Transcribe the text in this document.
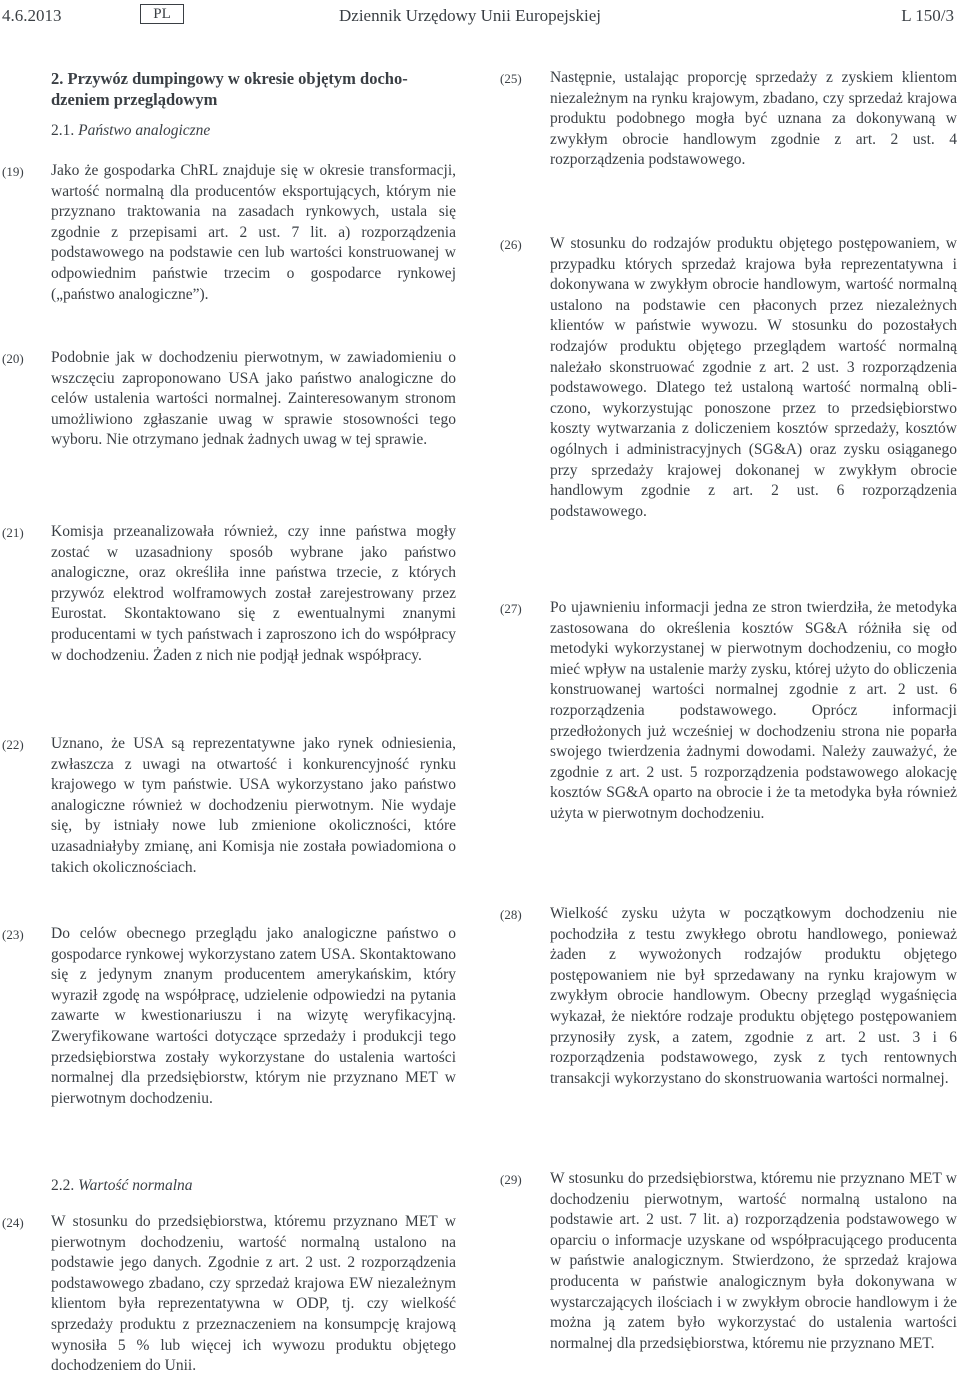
4.6.2013	PL	Dziennik Urzędowy Unii Europejskiej	L 150/3
2. Przywóz dumpingowy w okresie objętym dochodzeniem przeglądowym
2.1. Państwo analogiczne
(19)	Jako że gospodarka ChRL znajduje się w okresie transformacji, wartość normalną dla producentów eksportujących, którym nie przyznano traktowania na zasadach rynkowych, ustala się zgodnie z przepisami art. 2 ust. 7 lit. a) rozporządzenia podstawowego na podstawie cen lub wartości konstruowanej w odpowiednim państwie trzecim o gospodarce rynkowej („państwo analogiczne”).

(20)	Podobnie jak w dochodzeniu pierwotnym, w zawiadomieniu o wszczęciu zaproponowano USA jako państwo analogiczne do celów ustalenia wartości normalnej. Zainteresowanym stronom umożliwiono zgłaszanie uwag w sprawie stosowności tego wyboru. Nie otrzymano jednak żadnych uwag w tej sprawie.

(21)	Komisja przeanalizowała również, czy inne państwa mogły zostać w uzasadniony sposób wybrane jako państwo analogiczne, oraz określiła inne państwa trzecie, z których przywóz elektrod wolframowych został zarejestrowany przez Eurostat. Skontaktowano się z ewentualnymi znanymi producentami w tych państwach i zaproszono ich do współpracy w dochodzeniu. Żaden z nich nie podjął jednak współpracy.

(22)	Uznano, że USA są reprezentatywne jako rynek odniesienia, zwłaszcza z uwagi na otwartość i konkurencyjność rynku krajowego w tym państwie. USA wykorzystano jako państwo analogiczne również w dochodzeniu pierwotnym. Nie wydaje się, by istniały nowe lub zmienione okoliczności, które uzasadniałyby zmianę, ani Komisja nie została powiadomiona o takich okolicznościach.

(23)	Do celów obecnego przeglądu jako analogiczne państwo o gospodarce rynkowej wykorzystano zatem USA. Skontaktowano się z jedynym znanym producentem amerykańskim, który wyraził zgodę na współpracę, udzielenie odpowiedzi na pytania zawarte w kwestionariuszu i na wizytę weryfikacyjną. Zweryfikowane wartości dotyczące sprzedaży i produkcji tego przedsiębiorstwa zostały wykorzystane do ustalenia wartości normalnej dla przedsiębiorstw, którym nie przyznano MET w pierwotnym dochodzeniu.

2.2. Wartość normalna
(24)	W stosunku do przedsiębiorstwa, któremu przyznano MET w pierwotnym dochodzeniu, wartość normalną ustalono na podstawie jego danych. Zgodnie z art. 2 ust. 2 rozporządzenia podstawowego zbadano, czy sprzedaż krajowa EW niezależnym klientom była reprezentatywna w ODP, tj. czy wielkość sprzedaży produktu z przeznaczeniem na konsumpcję krajową wynosiła 5 % lub więcej ich wywozu produktu objętego dochodzeniem do Unii.

(25)	Następnie, ustalając proporcję sprzedaży z zyskiem klientom niezależnym na rynku krajowym, zbadano, czy sprzedaż krajowa produktu podobnego mogła być uznana za dokonywaną w zwykłym obrocie handlowym zgodnie z art. 2 ust. 4 rozporządzenia podstawowego.

(26)	W stosunku do rodzajów produktu objętego postępowaniem, w przypadku których sprzedaż krajowa była reprezentatywna i dokonywana w zwykłym obrocie handlowym, wartość normalną ustalono na podstawie cen płaconych przez niezależnych klientów w państwie wywozu. W stosunku do pozostałych rodzajów produktu objętego przeglądem wartość normalną należało skonstruować zgodnie z art. 2 ust. 3 rozporządzenia podstawowego. Dlatego też ustaloną wartość normalną obliczono, wykorzystując ponoszone przez to przedsiębiorstwo koszty wytwarzania z doliczeniem kosztów sprzedaży, kosztów ogólnych i administracyjnych (SG&A) oraz zysku osiąganego przy sprzedaży krajowej dokonanej w zwykłym obrocie handlowym zgodnie z art. 2 ust. 6 rozporządzenia podstawowego.

(27)	Po ujawnieniu informacji jedna ze stron twierdziła, że metodyka zastosowana do określenia kosztów SG&A różniła się od metodyki wykorzystanej w pierwotnym dochodzeniu, co mogło mieć wpływ na ustalenie marży zysku, której użyto do obliczenia konstruowanej wartości normalnej zgodnie z art. 2 ust. 6 rozporządzenia podstawowego. Oprócz informacji przedłożonych już wcześniej w dochodzeniu strona nie poparła swojego twierdzenia żadnymi dowodami. Należy zauważyć, że zgodnie z art. 2 ust. 5 rozporządzenia podstawowego alokację kosztów SG&A oparto na obrocie i że ta metodyka była również użyta w pierwotnym dochodzeniu.

(28)	Wielkość zysku użyta w początkowym dochodzeniu nie pochodziła z testu zwykłego obrotu handlowego, ponieważ żaden z wywożonych rodzajów produktu objętego postępowaniem nie był sprzedawany na rynku krajowym w zwykłym obrocie handlowym. Obecny przegląd wygaśnięcia wykazał, że niektóre rodzaje produktu objętego postępowaniem przynosiły zysk, a zatem, zgodnie z art. 2 ust. 3 i 6 rozporządzenia podstawowego, zysk z tych rentownych transakcji wykorzystano do skonstruowania wartości normalnej.

(29)	W stosunku do przedsiębiorstwa, któremu nie przyznano MET w dochodzeniu pierwotnym, wartość normalną ustalono na podstawie art. 2 ust. 7 lit. a) rozporządzenia podstawowego w oparciu o informacje uzyskane od współpracującego producenta w państwie analogicznym. Stwierdzono, że sprzedaż krajowa producenta w państwie analogicznym była dokonywana w wystarczających ilościach i w zwykłym obrocie handlowym i że można ją zatem było wykorzystać do ustalenia wartości normalnej dla przedsiębiorstwa, któremu nie przyznano MET.
